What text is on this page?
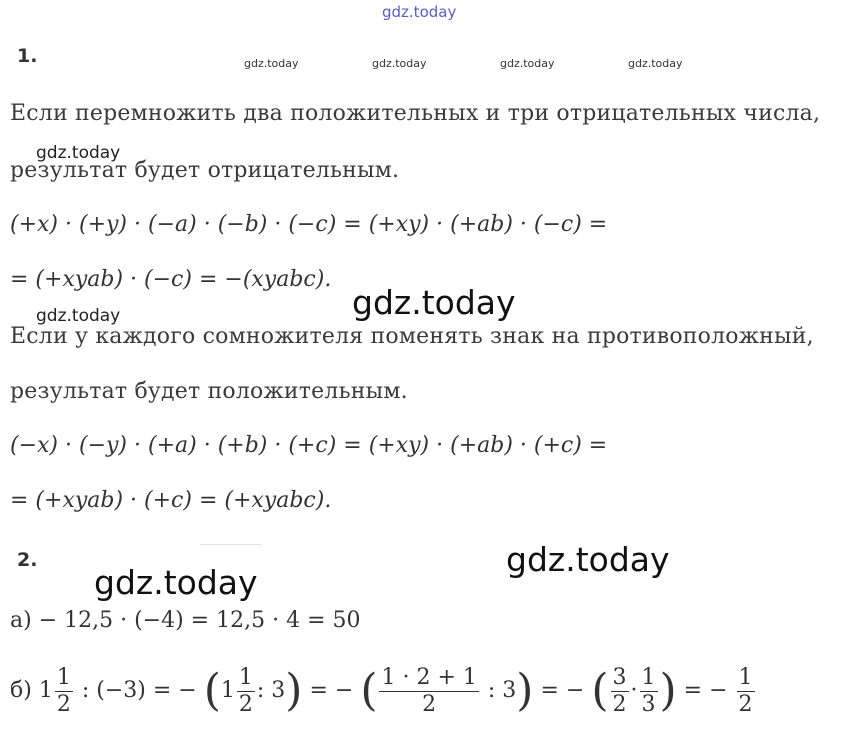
gdz.today
gdz.today	gdz.today	gdz.today	gdz.today
gdz.today
gdz.today	gdz.today
gdz.today
gdz.today
1.
Если перемножить два положительных и три отрицательных числа,
результат будет отрицательным.
(+x) · (+y) · (−a) · (−b) · (−c) = (+xy) · (+ab) · (−c) =
= (+xyab) · (−c) = −(xyabc).
Если у каждого сомножителя поменять знак на противоположный,
результат будет положительным.
(−x) · (−y) · (+a) · (+b) · (+c) = (+xy) · (+ab) · (+c) =
= (+xyab) · (+c) = (+xyabc).
2.
а) − 12,5 · (−4) = 12,5 · 4 = 50
б) $1 \frac{1}{2}$ : (−3) = − ($1 \frac{1}{2}$ : 3) = − ( $\frac{1 \cdot 2 + 1}{2}$ : 3) = − ( $\frac{3}{2} \cdot \frac{1}{3}$ ) = − $\frac{1}{2}$
